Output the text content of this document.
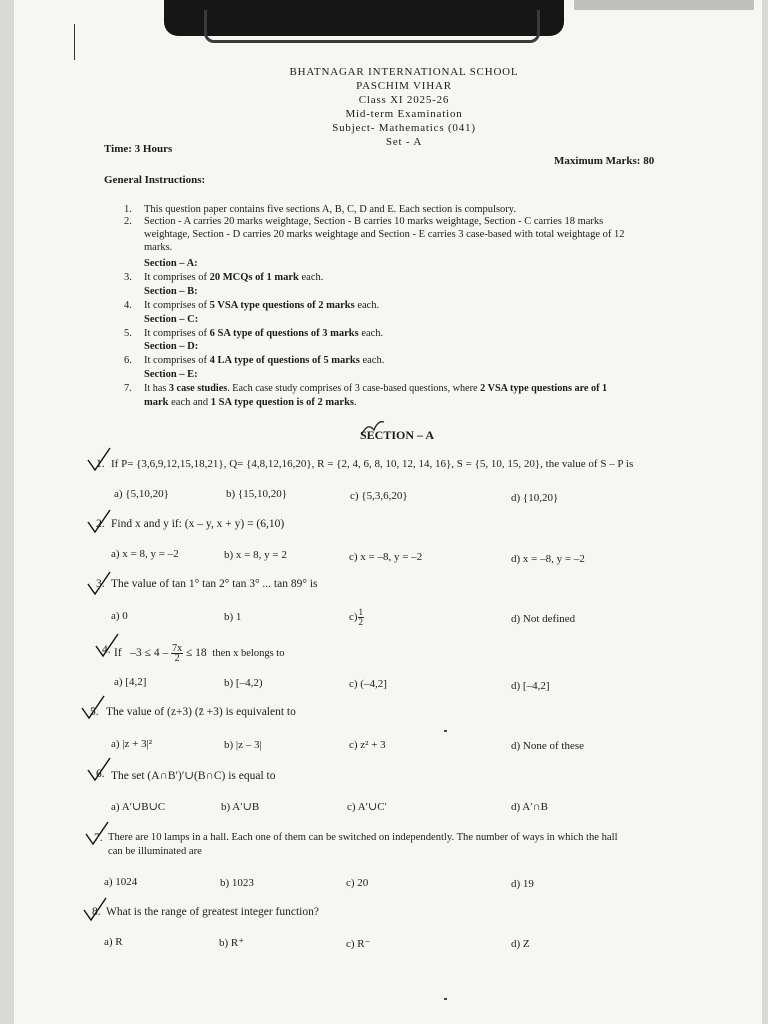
BHATNAGAR INTERNATIONAL SCHOOL
PASCHIM VIHAR
Class XI 2025-26
Mid-term Examination
Subject- Mathematics (041)
Set - A
Time: 3 Hours
Maximum Marks: 80
General Instructions:
1. This question paper contains five sections A, B, C, D and E. Each section is compulsory.
2. Section - A carries 20 marks weightage, Section - B carries 10 marks weightage, Section - C carries 18 marks
weightage, Section - D carries 20 marks weightage and Section - E carries 3 case-based with total weightage of 12
marks.
Section – A:
3. It comprises of 20 MCQs of 1 mark each.
Section – B:
4. It comprises of 5 VSA type questions of 2 marks each.
Section – C:
5. It comprises of 6 SA type of questions of 3 marks each.
Section – D:
6. It comprises of 4 LA type of questions of 5 marks each.
Section – E:
7. It has 3 case studies. Each case study comprises of 3 case-based questions, where 2 VSA type questions are of 1
mark each and 1 SA type question is of 2 marks.
SECTION – A
1. If P= {3,6,9,12,15,18,21}, Q= {4,8,12,16,20}, R = {2, 4, 6, 8, 10, 12, 14, 16}, S = {5, 10, 15, 20}, the value of S – P is
a) {5,10,20}	b) {15,10,20}	c) {5,3,6,20}	d) {10,20}
2. Find x and y if: (x – y, x + y) = (6,10)
a) x = 8, y = –2	b) x = 8, y = 2	c) x = –8, y = –2	d) x = –8, y = –2
3. The value of tan 1° tan 2° tan 3° ... tan 89° is
a) 0	b) 1	$c) \frac{1}{2}$	d) Not defined
4. If $-3 \le 4 - \frac{7x}{2} \le 18$ then x belongs to
a) [4,2]	b) [–4,2)	c) (–4,2]	d) [–4,2]
5. The value of (z+3) (z̄ +3) is equivalent to
a) |z + 3|²	b) |z – 3|	c) z² + 3	d) None of these
6. The set (A∩B′)′∪(B∩C) is equal to
a) A′∪B∪C	b) A′∪B	c) A′∪C′	d) A′∩B
7. There are 10 lamps in a hall. Each one of them can be switched on independently. The number of ways in which the hall
can be illuminated are
a) 1024	b) 1023	c) 20	d) 19
8. What is the range of greatest integer function?
a) R	b) R⁺	c) R⁻	d) Z
